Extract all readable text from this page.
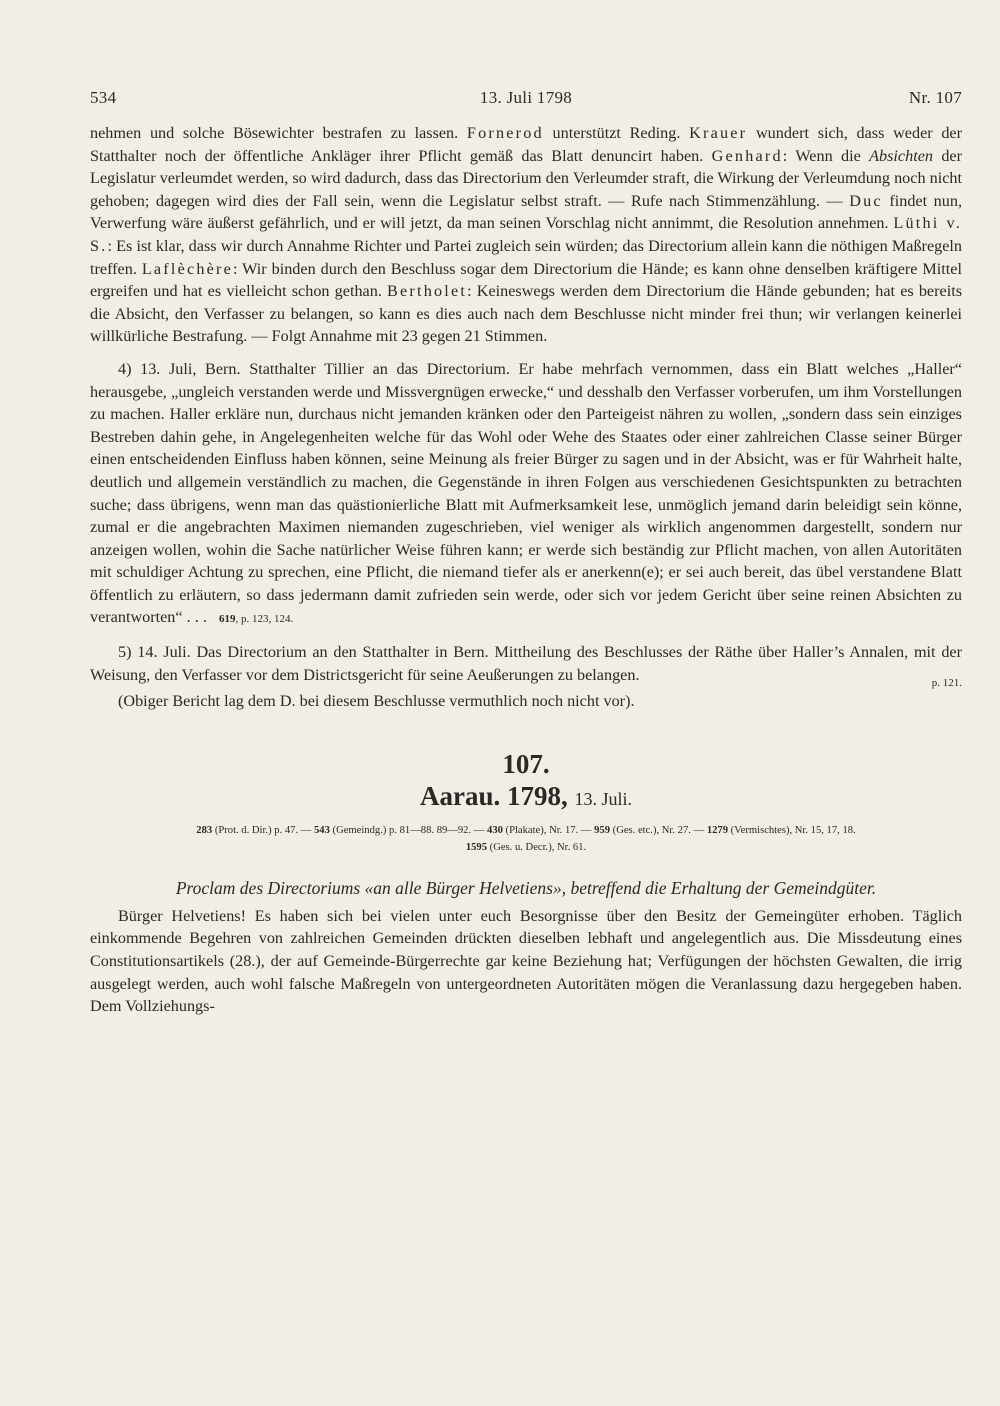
534	13. Juli 1798	Nr. 107

nehmen und solche Bösewichter bestrafen zu lassen. Fornerod unterstützt Reding. Krauer wundert sich, dass weder der Statthalter noch der öffentliche Ankläger ihrer Pflicht gemäß das Blatt denuncirt haben. Genhard: Wenn die Absichten der Legislatur verleumdet werden, so wird dadurch, dass das Directorium den Verleumder straft, die Wirkung der Verleumdung noch nicht gehoben; dagegen wird dies der Fall sein, wenn die Legislatur selbst straft. — Rufe nach Stimmenzählung. — Duc findet nun, Verwerfung wäre äußerst gefährlich, und er will jetzt, da man seinen Vorschlag nicht annimmt, die Resolution annehmen. Lüthi v. S.: Es ist klar, dass wir durch Annahme Richter und Partei zugleich sein würden; das Directorium allein kann die nöthigen Maßregeln treffen. Laflèchère: Wir binden durch den Beschluss sogar dem Directorium die Hände; es kann ohne denselben kräftigere Mittel ergreifen und hat es vielleicht schon gethan. Bertholet: Keineswegs werden dem Directorium die Hände gebunden; hat es bereits die Absicht, den Verfasser zu belangen, so kann es dies auch nach dem Beschlusse nicht minder frei thun; wir verlangen keinerlei willkürliche Bestrafung. — Folgt Annahme mit 23 gegen 21 Stimmen.

4) 13. Juli, Bern. Statthalter Tillier an das Directorium. Er habe mehrfach vernommen, dass ein Blatt welches „Haller“ herausgebe, „ungleich verstanden werde und Missvergnügen erwecke,“ und desshalb den Verfasser vorberufen, um ihm Vorstellungen zu machen. Haller erkläre nun, durchaus nicht jemanden kränken oder den Parteigeist nähren zu wollen, „sondern dass sein einziges Bestreben dahin gehe, in Angelegenheiten welche für das Wohl oder Wehe des Staates oder einer zahlreichen Classe seiner Bürger einen entscheidenden Einfluss haben können, seine Meinung als freier Bürger zu sagen und in der Absicht, was er für Wahrheit halte, deutlich und allgemein verständlich zu machen, die Gegenstände in ihren Folgen aus verschiedenen Gesichtspunkten zu betrachten suche; dass übrigens, wenn man das quästionierliche Blatt mit Aufmerksamkeit lese, unmöglich jemand darin beleidigt sein könne, zumal er die angebrachten Maximen niemanden zugeschrieben, viel weniger als wirklich angenommen dargestellt, sondern nur anzeigen wollen, wohin die Sache natürlicher Weise führen kann; er werde sich beständig zur Pflicht machen, von allen Autoritäten mit schuldiger Achtung zu sprechen, eine Pflicht, die niemand tiefer als er anerkenn(e); er sei auch bereit, das übel verstandene Blatt öffentlich zu erläutern, so dass jedermann damit zufrieden sein werde, oder sich vor jedem Gericht über seine reinen Absichten zu verantworten“ . . . 619, p. 123, 124.

5) 14. Juli. Das Directorium an den Statthalter in Bern. Mittheilung des Beschlusses der Räthe über Haller’s Annalen, mit der Weisung, den Verfasser vor dem Districtsgericht für seine Aeußerungen zu belangen.	p. 121.

(Obiger Bericht lag dem D. bei diesem Beschlusse vermuthlich noch nicht vor).

107.
Aarau. 1798, 13. Juli.
283 (Prot. d. Dir.) p. 47. — 543 (Gemeindg.) p. 81—88. 89—92. — 430 (Plakate), Nr. 17. — 959 (Ges. etc.), Nr. 27. — 1279 (Vermischtes), Nr. 15, 17, 18.
1595 (Ges. u. Decr.), Nr. 61.
Proclam des Directoriums «an alle Bürger Helvetiens», betreffend die Erhaltung der Gemeindgüter.

Bürger Helvetiens! Es haben sich bei vielen unter euch Besorgnisse über den Besitz der Gemeingüter erhoben. Täglich einkommende Begehren von zahlreichen Gemeinden drückten dieselben lebhaft und angelegentlich aus. Die Missdeutung eines Constitutionsartikels (28.), der auf Gemeinde-Bürgerrechte gar keine Beziehung hat; Verfügungen der höchsten Gewalten, die irrig ausgelegt werden, auch wohl falsche Maßregeln von untergeordneten Autoritäten mögen die Veranlassung dazu hergegeben haben. Dem Vollziehungs-
